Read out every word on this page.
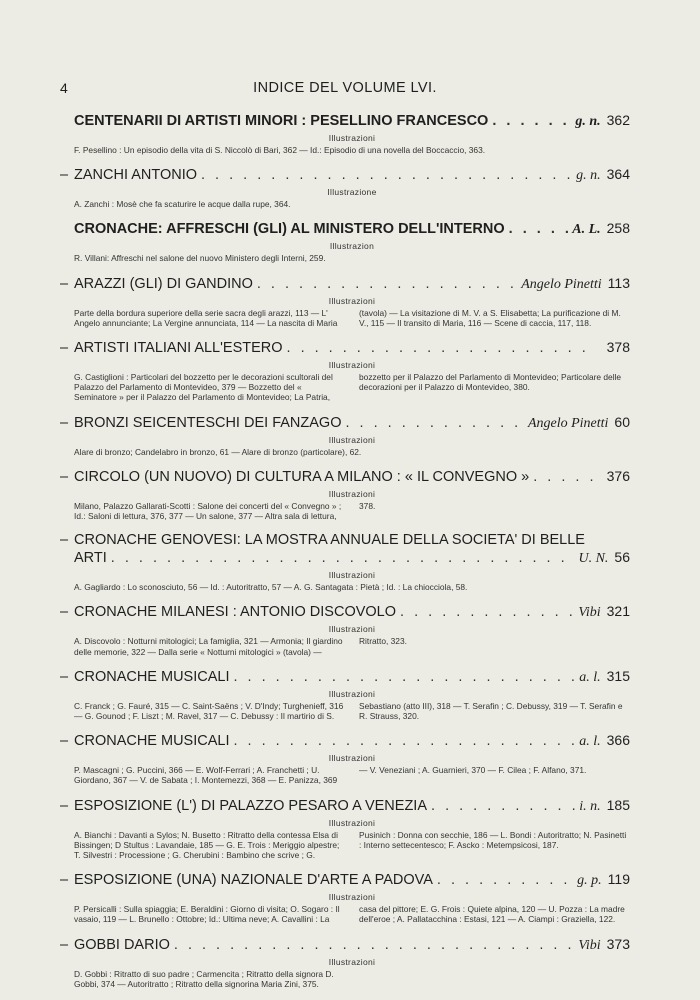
4	INDICE DEL VOLUME LVI.
CENTENARII DI ARTISTI MINORI : PESELLINO FRANCESCO . . .	g. n. 362
Illustrazioni
F. Pesellino : Un episodio della vita di S. Niccolò di Bari, 362 — Id.: Episodio di una novella del Boccaccio, 363.
– ZANCHI ANTONIO . . .	g. n. 364
Illustrazione
A. Zanchi : Mosè che fa scaturire le acque dalla rupe, 364.
CRONACHE: AFFRESCHI (GLI) AL MINISTERO DELL'INTERNO . . .	A. L. 258
Illustrazion
R. Villani: Affreschi nel salone del nuovo Ministero degli Interni, 259.
– ARAZZI (GLI) DI GANDINO . . .	Angelo Pinetti 113
Illustrazioni
Parte della bordura superiore della serie sacra degli arazzi, 113 — L' Angelo annunciante; La Vergine annunciata, 114 — La nascita di Maria (tavola) — La visitazione di M. V. a S. Elisabetta; La purificazione di M. V., 115 — Il transito di Maria, 116 — Scene di caccia, 117, 118.
– ARTISTI ITALIANI ALL'ESTERO . . .	378
Illustrazioni
G. Castiglioni : Particolari del bozzetto per le decorazioni scultorali del Palazzo del Parlamento di Montevideo, 379 — Bozzetto del « Seminatore » per il Palazzo del Parlamento di Montevideo; La Patria, bozzetto per il Palazzo del Parlamento di Montevideo; Particolare delle decorazioni per il Palazzo di Montevideo, 380.
– BRONZI SEICENTESCHI DEI FANZAGO . . .	Angelo Pinetti 60
Illustrazioni
Alare di bronzo; Candelabro in bronzo, 61 — Alare di bronzo (particolare), 62.
– CIRCOLO (UN NUOVO) DI CULTURA A MILANO : « IL CONVEGNO » . . .	376
Illustrazioni
Milano, Palazzo Gallarati-Scotti : Salone dei concerti del « Convegno » ; Id.: Saloni di lettura, 376, 377 — Un salone, 377 — Altra sala di lettura, 378.
– CRONACHE GENOVESI: LA MOSTRA ANNUALE DELLA SOCIETA' DI BELLE
ARTI . . .	U. N. 56
Illustrazioni
A. Gagliardo : Lo sconosciuto, 56 — Id. : Autoritratto, 57 — A. G. Santagata : Pietà ; Id. : La chiocciola, 58.
– CRONACHE MILANESI : ANTONIO DISCOVOLO . . .	Vibi 321
Illustrazioni
A. Discovolo : Notturni mitologici; La famiglia, 321 — Armonia; Il giardino delle memorie, 322 — Dalla serie « Notturni mitologici » (tavola) — Ritratto, 323.
– CRONACHE MUSICALI . . .	a. l. 315
Illustrazioni
C. Franck ; G. Fauré, 315 — C. Saint-Saëns ; V. D'Indy; Turghenieff, 316 — G. Gounod ; F. Liszt ; M. Ravel, 317 — C. Debussy : Il martirio di S. Sebastiano (atto III), 318 — T. Serafin ; C. Debussy, 319 — T. Serafin e R. Strauss, 320.
– CRONACHE MUSICALI . . .	a. l. 366
Illustrazioni
P. Mascagni ; G. Puccini, 366 — E. Wolf-Ferrari ; A. Franchetti ; U. Giordano, 367 — V. de Sabata ; I. Montemezzi, 368 — E. Panizza, 369 — V. Veneziani ; A. Guarnieri, 370 — F. Cilea ; F. Alfano, 371.
– ESPOSIZIONE (L') DI PALAZZO PESARO A VENEZIA . . .	i. n. 185
Illustrazioni
A. Bianchi : Davanti a Sylos; N. Busetto : Ritratto della contessa Elsa di Bissingen; D Stultus : Lavandaie, 185 — G. E. Trois : Meriggio alpestre; T. Silvestri : Processione ; G. Cherubini : Bambino che scrive ; G. Pusinich : Donna con secchie, 186 — L. Bondi : Autoritratto; N. Pasinetti : Interno settecentesco; F. Ascko : Metempsicosi, 187.
– ESPOSIZIONE (UNA) NAZIONALE D'ARTE A PADOVA . . .	g. p. 119
Illustrazioni
P. Persicalli : Sulla spiaggia; E. Beraldini : Giorno di visita; O. Sogaro : Il vasaio, 119 — L. Brunello : Ottobre; Id.: Ultima neve; A. Cavallini : La casa del pittore; E. G. Frois : Quiete alpina, 120 — U. Pozza : La madre dell'eroe ; A. Pallatacchina : Estasi, 121 — A. Ciampi : Graziella, 122.
– GOBBI DARIO . . .	Vibi 373
Illustrazioni
D. Gobbi : Ritratto di suo padre ; Carmencita ; Ritratto della signora D. Gobbi, 374 — Autoritratto ; Ritratto della signorina Maria Zini, 375.
